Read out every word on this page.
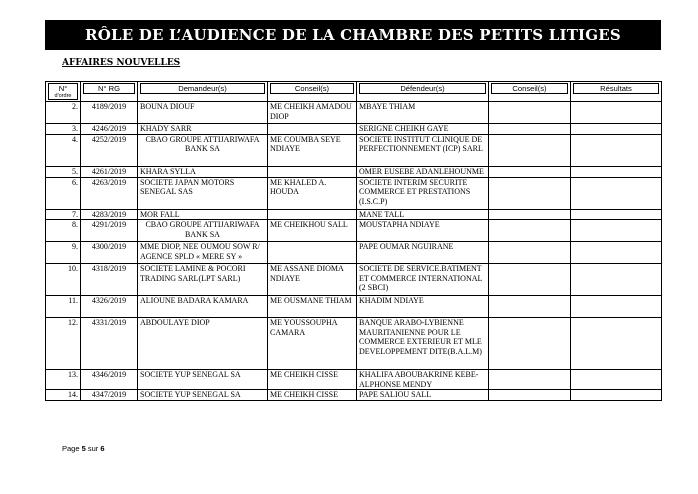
RÔLE DE L’AUDIENCE DE LA CHAMBRE DES PETITS LITIGES
AFFAIRES NOUVELLES
N°
d'ordre	N° RG	Demandeur(s)	Conseil(s)	Défendeur(s)	Conseil(s)	Résultats

2.	4189/2019	BOUNA DIOUF	ME CHEIKH AMADOU DIOP	MBAYE THIAM		
3.	4246/2019	KHADY SARR		SERIGNE CHEIKH GAYE		
4.	4252/2019	CBAO GROUPE ATTIJARIWAFA BANK SA	ME COUMBA SEYE NDIAYE	SOCIETE INSTITUT CLINIQUE DE PERFECTIONNEMENT (ICP) SARL		
5.	4261/2019	KHARA SYLLA		OMER EUSEBE ADANLEHOUNME		
6.	4263/2019	SOCIETE JAPAN MOTORS SENEGAL SAS	ME KHALED A. HOUDA	SOCIETE INTERIM SECURITE COMMERCE ET PRESTATIONS (I.S.C.P)		
7.	4283/2019	MOR FALL		MANE TALL		
8.	4291/2019	CBAO GROUPE ATTIJARIWAFA BANK SA	ME CHEIKHOU SALL	MOUSTAPHA NDIAYE		
9.	4300/2019	MME DIOP, NEE OUMOU SOW R/ AGENCE SPLD « MERE SY »		PAPE OUMAR NGUIRANE		
10.	4318/2019	SOCIETE LAMINE & POCORI TRADING SARL(LPT SARL)	ME ASSANE DIOMA NDIAYE	SOCIETE DE SERVICE.BATIMENT ET COMMERCE INTERNATIONAL (2 SBCI)		
11.	4326/2019	ALIOUNE BADARA KAMARA	ME OUSMANE THIAM	KHADIM NDIAYE		
12.	4331/2019	ABDOULAYE DIOP	ME YOUSSOUPHA CAMARA	BANQUE ARABO-LYBIENNE MAURITANIENNE POUR LE COMMERCE EXTERIEUR ET MLE DEVELOPPEMENT DITE(B.A.L.M)		
13.	4346/2019	SOCIETE YUP SENEGAL SA	ME CHEIKH CISSE	KHALIFA ABOUBAKRINE KEBE-ALPHONSE MENDY		
14.	4347/2019	SOCIETE YUP SENEGAL SA	ME CHEIKH CISSE	PAPE SALIOU SALL		
Page 5 sur 6
